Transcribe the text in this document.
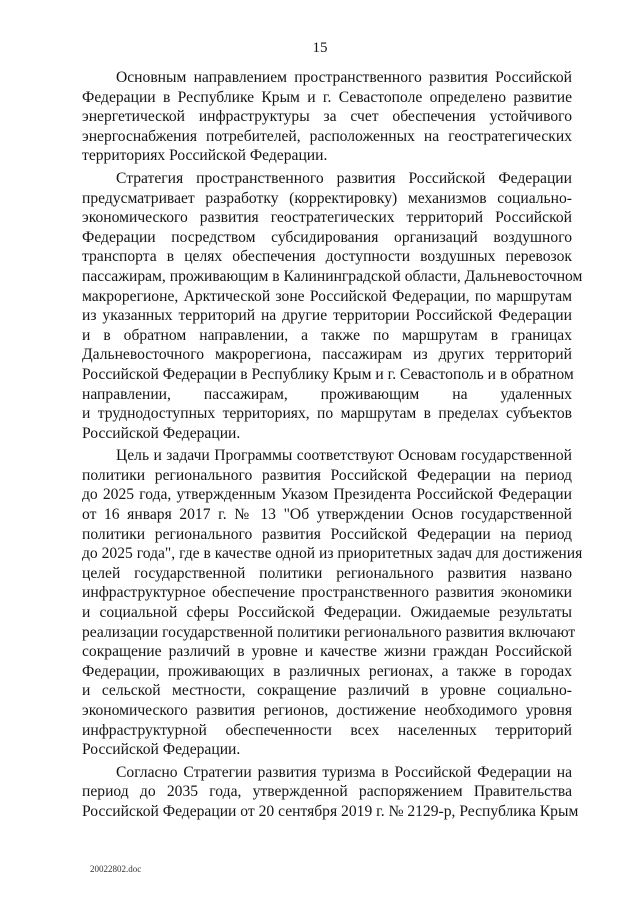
15
Основным направлением пространственного развития Российской
Федерации в Республике Крым и г. Севастополе определено развитие
энергетической инфраструктуры за счет обеспечения устойчивого
энергоснабжения потребителей, расположенных на геостратегических
территориях Российской Федерации.
Стратегия пространственного развития Российской Федерации
предусматривает разработку (корректировку) механизмов социально-
экономического развития геостратегических территорий Российской
Федерации посредством субсидирования организаций воздушного
транспорта в целях обеспечения доступности воздушных перевозок
пассажирам, проживающим в Калининградской области, Дальневосточном
макрорегионе, Арктической зоне Российской Федерации, по маршрутам
из указанных территорий на другие территории Российской Федерации
и в обратном направлении, а также по маршрутам в границах
Дальневосточного макрорегиона, пассажирам из других территорий
Российской Федерации в Республику Крым и г. Севастополь и в обратном
направлении, пассажирам, проживающим на удаленных
и труднодоступных территориях, по маршрутам в пределах субъектов
Российской Федерации.
Цель и задачи Программы соответствуют Основам государственной
политики регионального развития Российской Федерации на период
до 2025 года, утвержденным Указом Президента Российской Федерации
от 16 января 2017 г. № 13 "Об утверждении Основ государственной
политики регионального развития Российской Федерации на период
до 2025 года", где в качестве одной из приоритетных задач для достижения
целей государственной политики регионального развития названо
инфраструктурное обеспечение пространственного развития экономики
и социальной сферы Российской Федерации. Ожидаемые результаты
реализации государственной политики регионального развития включают
сокращение различий в уровне и качестве жизни граждан Российской
Федерации, проживающих в различных регионах, а также в городах
и сельской местности, сокращение различий в уровне социально-
экономического развития регионов, достижение необходимого уровня
инфраструктурной обеспеченности всех населенных территорий
Российской Федерации.
Согласно Стратегии развития туризма в Российской Федерации на
период до 2035 года, утвержденной распоряжением Правительства
Российской Федерации от 20 сентября 2019 г. № 2129-р, Республика Крым
20022802.doc
